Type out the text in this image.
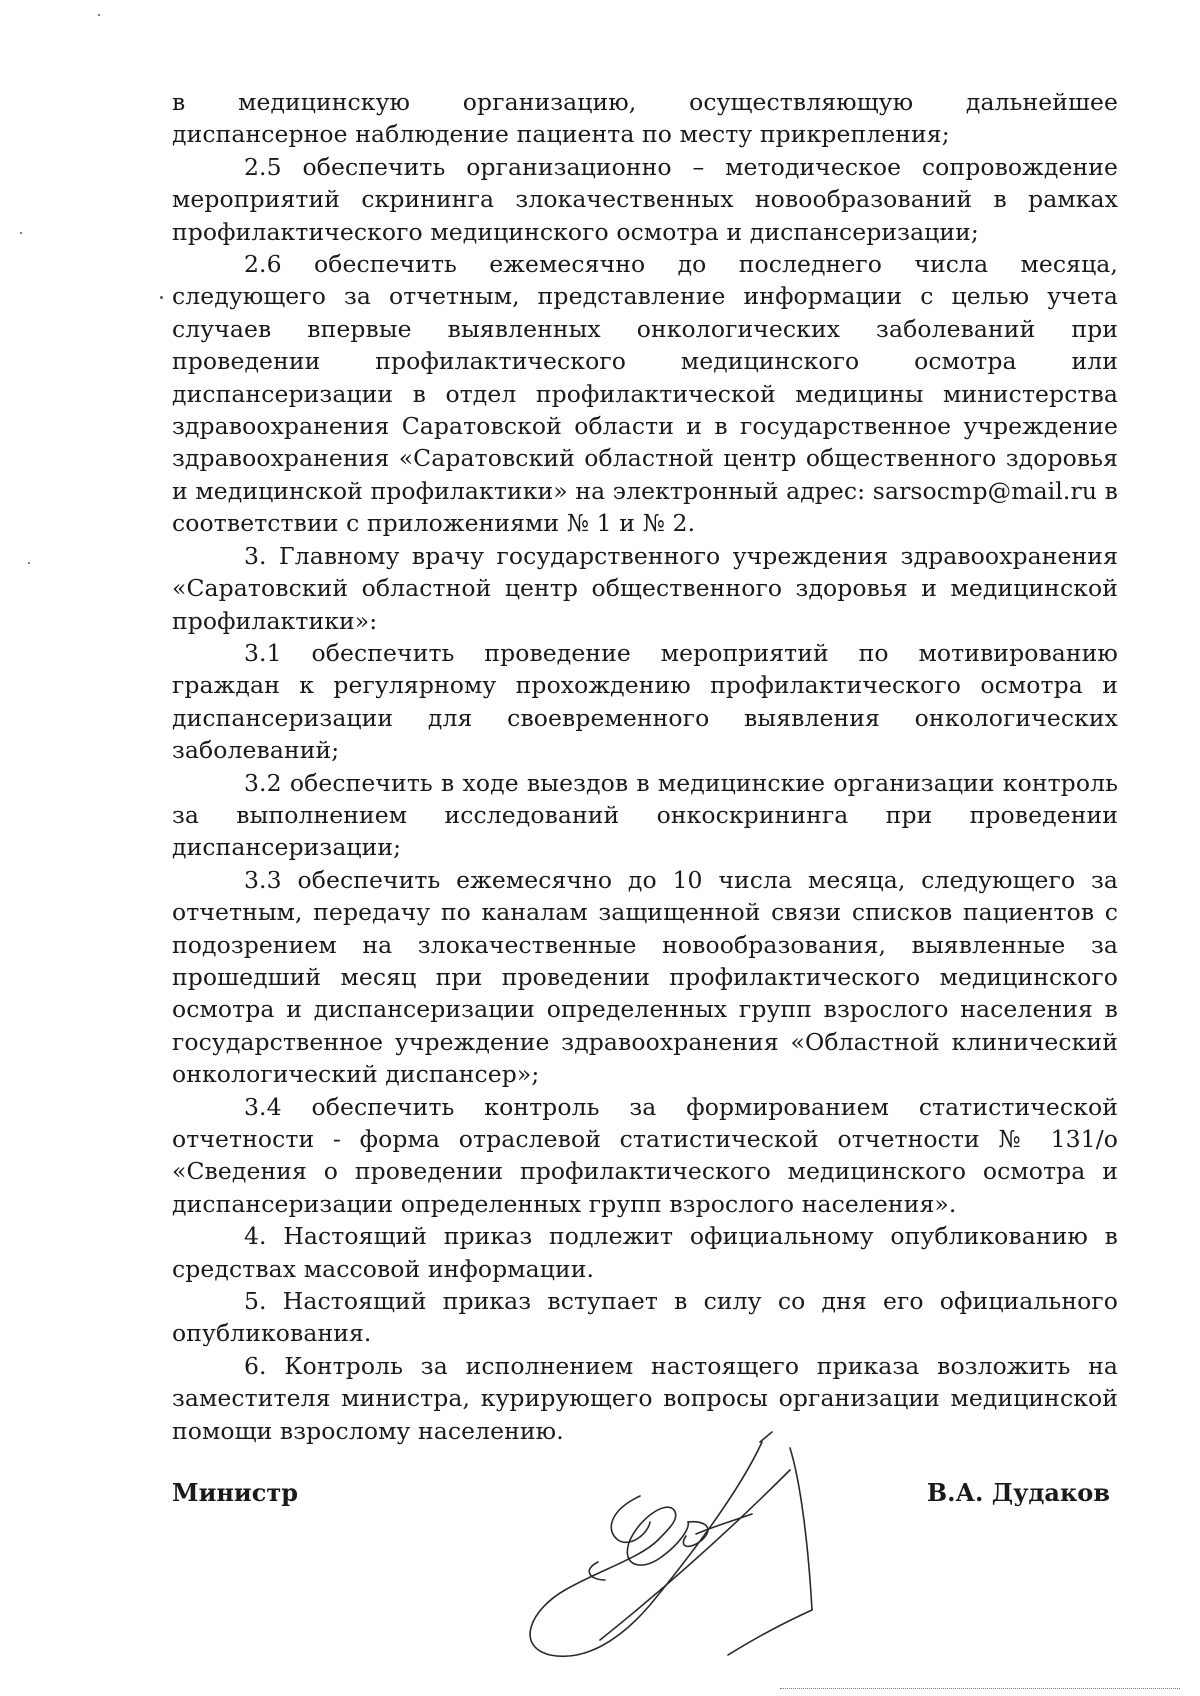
в медицинскую организацию, осуществляющую дальнейшее диспансерное наблюдение пациента по месту прикрепления;

2.5 обеспечить организационно – методическое сопровождение мероприятий скрининга злокачественных новообразований в рамках профилактического медицинского осмотра и диспансеризации;

2.6 обеспечить ежемесячно до последнего числа месяца, следующего за отчетным, представление информации с целью учета случаев впервые выявленных онкологических заболеваний при проведении профилактического медицинского осмотра или диспансеризации в отдел профилактической медицины министерства здравоохранения Саратовской области и в государственное учреждение здравоохранения «Саратовский областной центр общественного здоровья и медицинской профилактики» на электронный адрес: sarsocmp@mail.ru в соответствии с приложениями № 1 и № 2.

3. Главному врачу государственного учреждения здравоохранения «Саратовский областной центр общественного здоровья и медицинской профилактики»:

3.1 обеспечить проведение мероприятий по мотивированию граждан к регулярному прохождению профилактического осмотра и диспансеризации для своевременного выявления онкологических заболеваний;

3.2 обеспечить в ходе выездов в медицинские организации контроль за выполнением исследований онкоскрининга при проведении диспансеризации;

3.3 обеспечить ежемесячно до 10 числа месяца, следующего за отчетным, передачу по каналам защищенной связи списков пациентов с подозрением на злокачественные новообразования, выявленные за прошедший месяц при проведении профилактического медицинского осмотра и диспансеризации определенных групп взрослого населения в государственное учреждение здравоохранения «Областной клинический онкологический диспансер»;

3.4 обеспечить контроль за формированием статистической отчетности - форма отраслевой статистической отчетности № 131/о «Сведения о проведении профилактического медицинского осмотра и диспансеризации определенных групп взрослого населения».

4. Настоящий приказ подлежит официальному опубликованию в средствах массовой информации.

5. Настоящий приказ вступает в силу со дня его официального опубликования.

6. Контроль за исполнением настоящего приказа возложить на заместителя министра, курирующего вопросы организации медицинской помощи взрослому населению.

Министр	В.А. Дудаков
